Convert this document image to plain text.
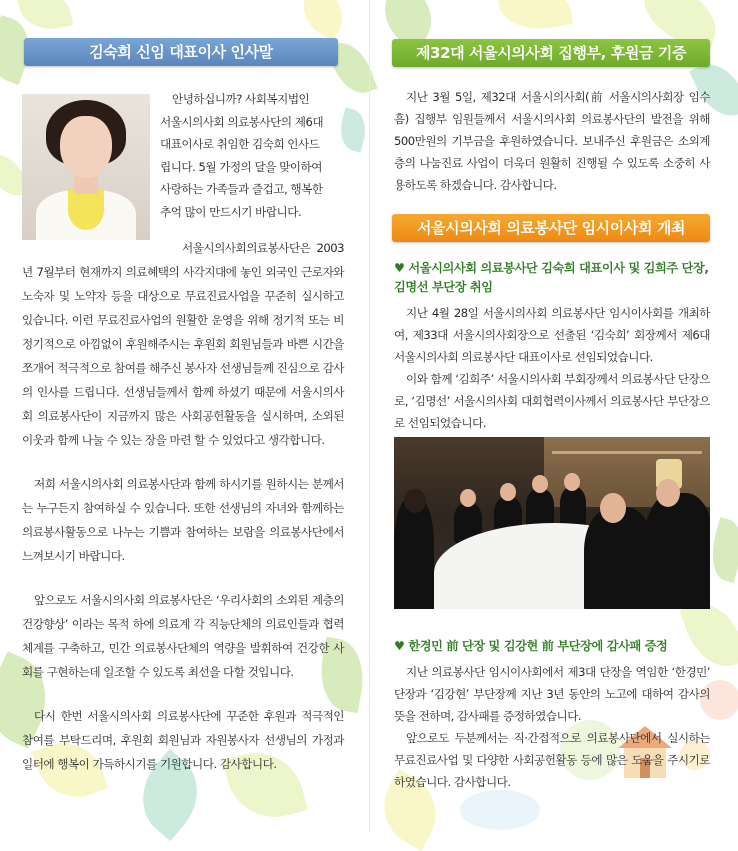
김숙희 신임 대표이사 인사말

안녕하십니까? 사회복지법인

서울시의사회 의료봉사단의 제6대

대표이사로 취임한 김숙희 인사드

립니다. 5월 가정의 달을 맞이하여

사랑하는 가족들과 즐겁고, 행복한

추억 많이 만드시기 바랍니다.

서울시의사회의료봉사단은 2003년 7월부터 현재까지 의료혜택의 사각지대에 놓인 외국인 근로자와 노숙자 및 노약자 등을 대상으로 무료진료사업을 꾸준히 실시하고 있습니다. 이런 무료진료사업의 원활한 운영을 위해 정기적 또는 비정기적으로 아낌없이 후원해주시는 후원회 회원님들과 바쁜 시간을 쪼개어 적극적으로 참여를 해주신 봉사자 선생님들께 진심으로 감사의 인사를 드립니다. 선생님들께서 함께 하셨기 때문에 서울시의사회 의료봉사단이 지금까지 많은 사회공헌활동을 실시하며, 소외된 이웃과 함께 나눌 수 있는 장을 마련 할 수 있었다고 생각합니다.

저희 서울시의사회 의료봉사단과 함께 하시기를 원하시는 분께서는 누구든지 참여하실 수 있습니다. 또한 선생님의 자녀와 함께하는 의료봉사활동으로 나누는 기쁨과 참여하는 보람을 의료봉사단에서 느껴보시기 바랍니다.

앞으로도 서울시의사회 의료봉사단은 ‘우리사회의 소외된 계층의 건강향상’ 이라는 목적 하에 의료계 각 직능단체의 의료인들과 협력체계를 구축하고, 민간 의료봉사단체의 역량을 발휘하여 건강한 사회를 구현하는데 일조할 수 있도록 최선을 다할 것입니다.

다시 한번 서울시의사회 의료봉사단에 꾸준한 후원과 적극적인 참여를 부탁드리며, 후원회 회원님과 자원봉사자 선생님의 가정과 일터에 행복이 가득하시기를 기원합니다. 감사합니다.

제32대 서울시의사회 집행부, 후원금 기증

지난 3월 5일, 제32대 서울시의사회(前 서울시의사회장 임수흠) 집행부 임원들께서 서울시의사회 의료봉사단의 발전을 위해 500만원의 기부금을 후원하였습니다. 보내주신 후원금은 소외계층의 나눔진료 사업이 더욱더 원활히 진행될 수 있도록 소중히 사용하도록 하겠습니다. 감사합니다.

서울시의사회 의료봉사단 임시이사회 개최
♥ 서울시의사회 의료봉사단 김숙희 대표이사 및 김희주 단장, 김명선 부단장 취임

지난 4월 28일 서울시의사회 의료봉사단 임시이사회를 개최하여, 제33대 서울시의사회장으로 선출된 ‘김숙희’ 회장께서 제6대 서울시의사회 의료봉사단 대표이사로 선임되었습니다.

이와 함께 ‘김희주’ 서울시의사회 부회장께서 의료봉사단 단장으로, ‘김명선’ 서울시의사회 대회협력이사께서 의료봉사단 부단장으로 선임되었습니다.

♥ 한경민 前 단장 및 김강현 前 부단장에 감사패 증정

지난 의료봉사단 임시이사회에서 제3대 단장을 역임한 ‘한경민’ 단장과 ‘김강현’ 부단장께 지난 3년 동안의 노고에 대하여 감사의 뜻을 전하며, 감사패를 증정하였습니다.

앞으로도 두분께서는 직·간접적으로 의료봉사단에서 실시하는 무료진료사업 및 다양한 사회공헌활동 등에 많은 도움을 주시기로 하였습니다. 감사합니다.
